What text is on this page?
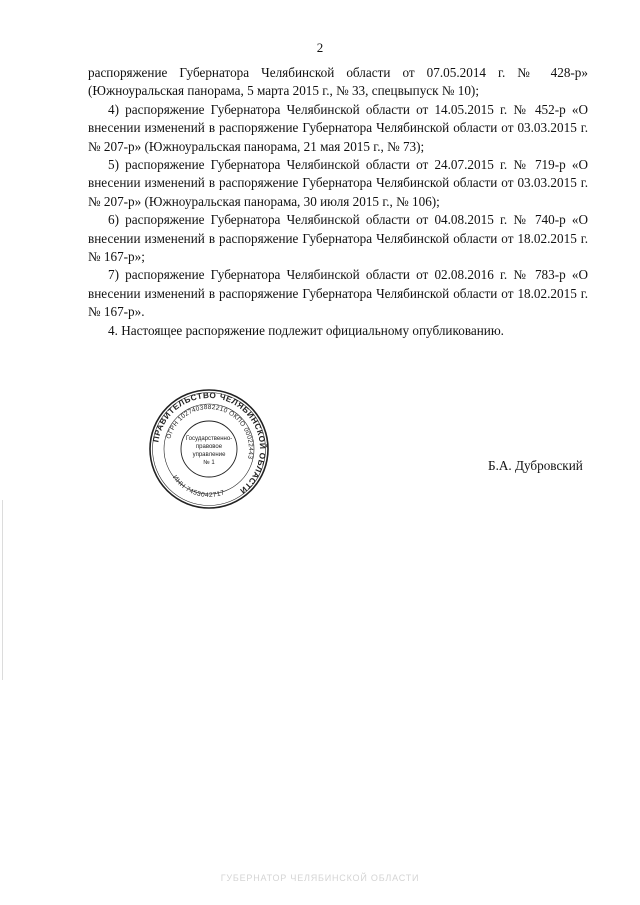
2

распоряжение Губернатора Челябинской области от 07.05.2014 г. № 428-р» (Южноуральская панорама, 5 марта 2015 г., № 33, спецвыпуск № 10);

4) распоряжение Губернатора Челябинской области от 14.05.2015 г. № 452-р «О внесении изменений в распоряжение Губернатора Челябинской области от 03.03.2015 г. № 207-р» (Южноуральская панорама, 21 мая 2015 г., № 73);

5) распоряжение Губернатора Челябинской области от 24.07.2015 г. № 719-р «О внесении изменений в распоряжение Губернатора Челябинской области от 03.03.2015 г. № 207-р» (Южноуральская панорама, 30 июля 2015 г., № 106);

6) распоряжение Губернатора Челябинской области от 04.08.2015 г. № 740-р «О внесении изменений в распоряжение Губернатора Челябинской области от 18.02.2015 г. № 167-р»;

7) распоряжение Губернатора Челябинской области от 02.08.2016 г. № 783-р «О внесении изменений в распоряжение Губернатора Челябинской области от 18.02.2015 г. № 167-р».

4. Настоящее распоряжение подлежит официальному опубликованию.

ПРАВИТЕЛЬСТВО ЧЕЛЯБИНСКОЙ ОБЛАСТИ
ОГРН 1027403882210 ОКПО 00022443
ИНН 7453042717
Государственно-
правовое
управление
№ 1	Б.А. Дубровский
ГУБЕРНАТОР ЧЕЛЯБИНСКОЙ ОБЛАСТИ
